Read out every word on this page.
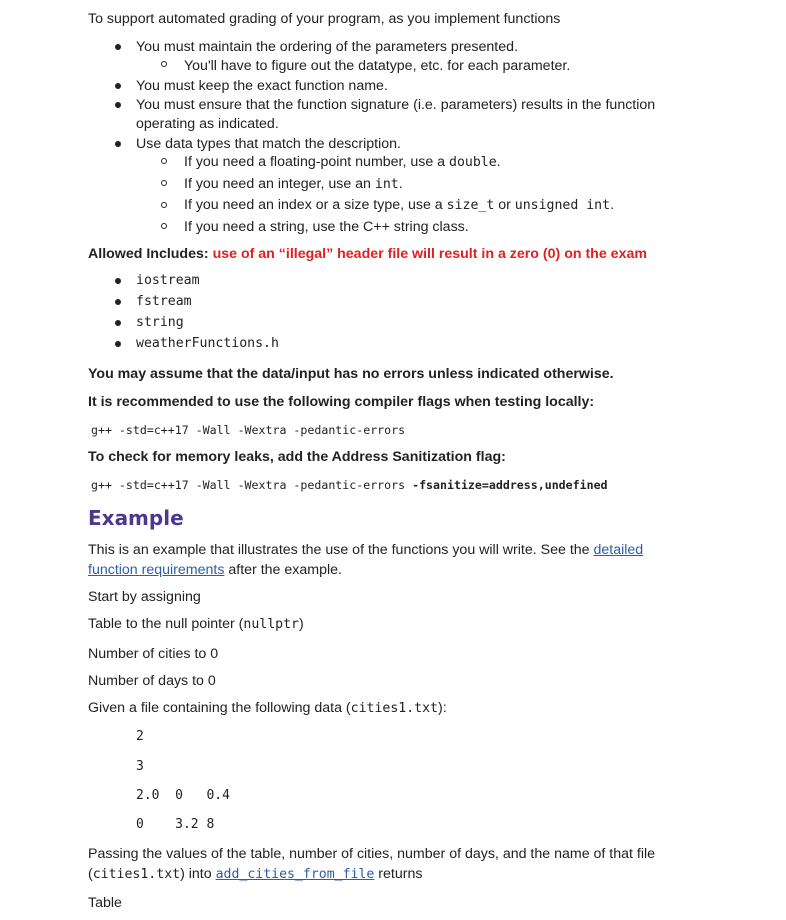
To support automated grading of your program, as you implement functions
You must maintain the ordering of the parameters presented.
You'll have to figure out the datatype, etc. for each parameter.
You must keep the exact function name.
You must ensure that the function signature (i.e. parameters) results in the function
operating as indicated.
Use data types that match the description.
If you need a floating-point number, use a double.
If you need an integer, use an int.
If you need an index or a size type, use a size_t or unsigned int.
If you need a string, use the C++ string class.
Allowed Includes: use of an “illegal” header file will result in a zero (0) on the exam
iostream
fstream
string
weatherFunctions.h
You may assume that the data/input has no errors unless indicated otherwise.
It is recommended to use the following compiler flags when testing locally:
g++ -std=c++17 -Wall -Wextra -pedantic-errors
To check for memory leaks, add the Address Sanitization flag:
g++ -std=c++17 -Wall -Wextra -pedantic-errors -fsanitize=address,undefined
Example
This is an example that illustrates the use of the functions you will write. See the detailed
function requirements after the example.
Start by assigning
Table to the null pointer (nullptr)
Number of cities to 0
Number of days to 0
Given a file containing the following data (cities1.txt):
2
3
2.0  0   0.4
0    3.2 8
Passing the values of the table, number of cities, number of days, and the name of that file
(cities1.txt) into add_cities_from_file returns
Table
